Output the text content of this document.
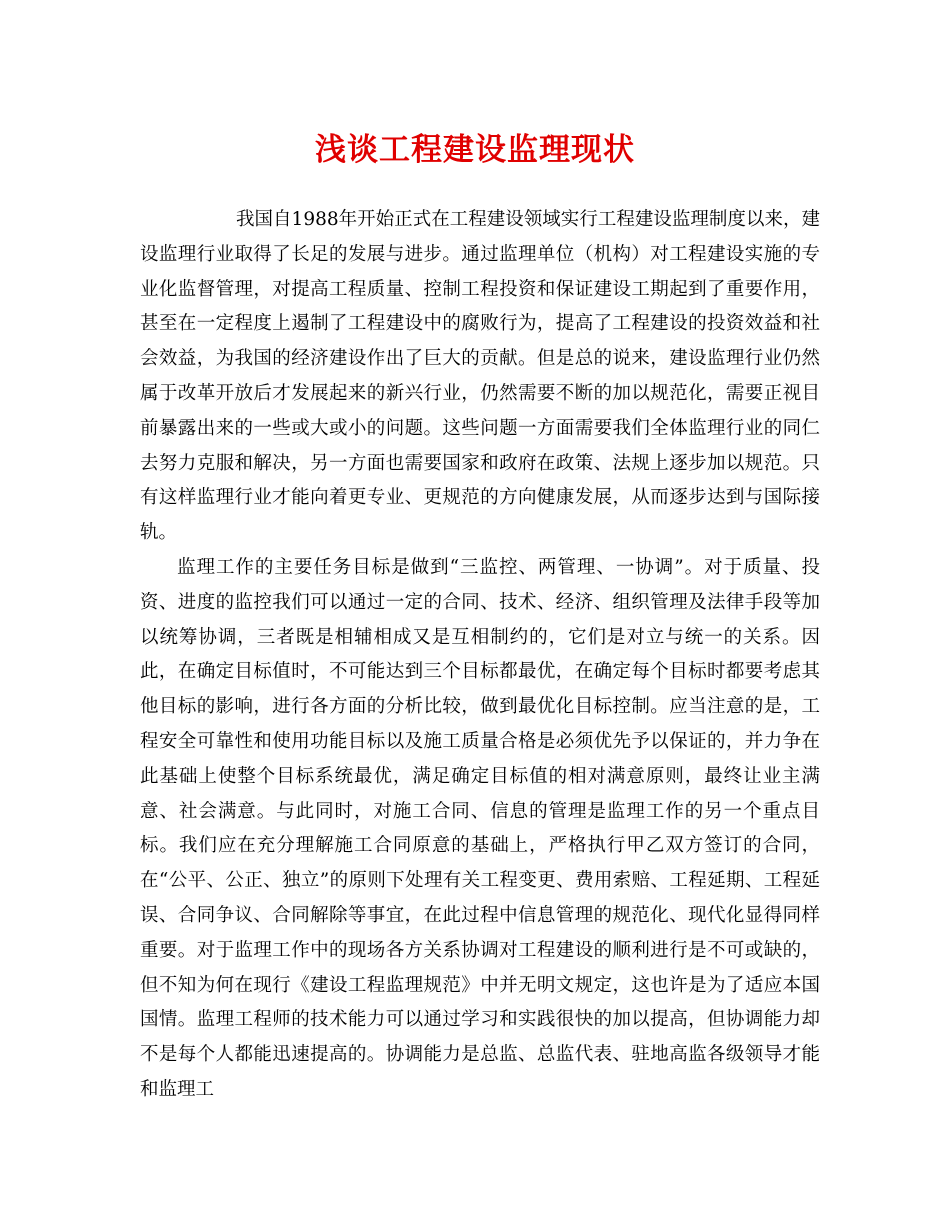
浅谈工程建设监理现状

我国自1988年开始正式在工程建设领域实行工程建设监理制度以来，建设监理行业取得了长足的发展与进步。通过监理单位（机构）对工程建设实施的专业化监督管理，对提高工程质量、控制工程投资和保证建设工期起到了重要作用，甚至在一定程度上遏制了工程建设中的腐败行为，提高了工程建设的投资效益和社会效益，为我国的经济建设作出了巨大的贡献。但是总的说来，建设监理行业仍然属于改革开放后才发展起来的新兴行业，仍然需要不断的加以规范化，需要正视目前暴露出来的一些或大或小的问题。这些问题一方面需要我们全体监理行业的同仁去努力克服和解决，另一方面也需要国家和政府在政策、法规上逐步加以规范。只有这样监理行业才能向着更专业、更规范的方向健康发展，从而逐步达到与国际接轨。

监理工作的主要任务目标是做到“三监控、两管理、一协调”。对于质量、投资、进度的监控我们可以通过一定的合同、技术、经济、组织管理及法律手段等加以统筹协调，三者既是相辅相成又是互相制约的，它们是对立与统一的关系。因此，在确定目标值时，不可能达到三个目标都最优，在确定每个目标时都要考虑其他目标的影响，进行各方面的分析比较，做到最优化目标控制。应当注意的是，工程安全可靠性和使用功能目标以及施工质量合格是必须优先予以保证的，并力争在此基础上使整个目标系统最优，满足确定目标值的相对满意原则，最终让业主满意、社会满意。与此同时，对施工合同、信息的管理是监理工作的另一个重点目标。我们应在充分理解施工合同原意的基础上，严格执行甲乙双方签订的合同，在“公平、公正、独立”的原则下处理有关工程变更、费用索赔、工程延期、工程延误、合同争议、合同解除等事宜，在此过程中信息管理的规范化、现代化显得同样重要。对于监理工作中的现场各方关系协调对工程建设的顺利进行是不可或缺的，但不知为何在现行《建设工程监理规范》中并无明文规定，这也许是为了适应本国国情。监理工程师的技术能力可以通过学习和实践很快的加以提高，但协调能力却不是每个人都能迅速提高的。协调能力是总监、总监代表、驻地高监各级领导才能和监理工
